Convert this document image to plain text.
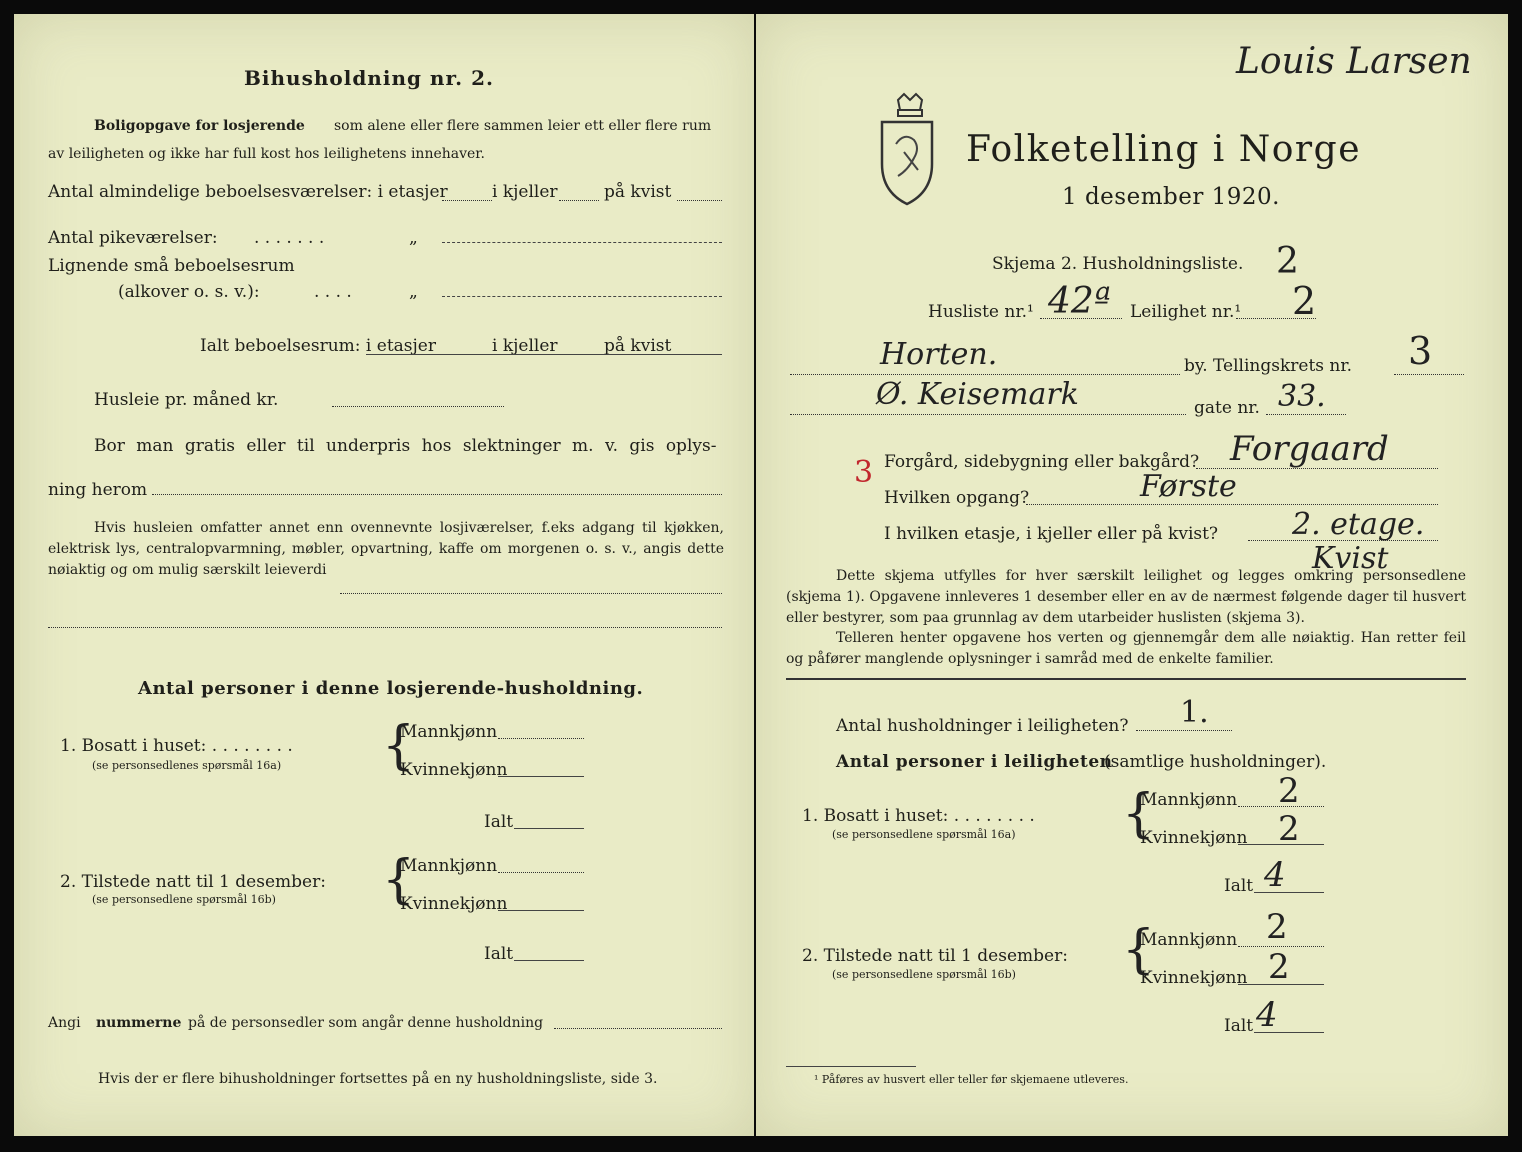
Bihusholdning nr. 2.
Boligopgave for losjerende som alene eller flere sammen leier ett eller flere rum
av leiligheten og ikke har full kost hos leilighetens innehaver.
Antal almindelige beboelsesværelser: i etasjer	i kjeller	på kvist
Antal pikeværelser: . . . . . . .	„
Lignende små beboelsesrum
(alkover o. s. v.):	. . . .	„
Ialt beboelsesrum: i etasjer	i kjeller	på kvist
Husleie pr. måned kr.
Bor man gratis eller til underpris hos slektninger m. v. gis oplys-
ning herom
Hvis husleien omfatter annet enn ovennevnte losjiværelser, f.eks adgang til kjøkken, elektrisk lys, centralopvarmning, møbler, opvartning, kaffe om morgenen o. s. v., angis dette nøiaktig og om mulig særskilt leieverdi
Antal personer i denne losjerende-husholdning.
1. Bosatt i huset: . . . . . . . .
(se personsedlenes spørsmål 16a) {
Mannkjønn
Kvinnekjønn
Ialt
2. Tilstede natt til 1 desember:
(se personsedlene spørsmål 16b) {
Mannkjønn
Kvinnekjønn
Ialt
Angi nummerne på de personsedler som angår denne husholdning
Hvis der er flere bihusholdninger fortsettes på en ny husholdningsliste, side 3.
Folketelling i Norge
1 desember 1920.
Louis Larsen
Skjema 2. Husholdningsliste. 2
Husliste nr.¹ 42ª Leilighet nr.¹ 2
Horten.	by. Tellingskrets nr. 3
Ø. Keisemark	gate nr. 33.
3 Forgård, sidebygning eller bakgård? Forgaard
Hvilken opgang?	Første
I hvilken etasje, i kjeller eller på kvist? 2. etage.
Kvist
Dette skjema utfylles for hver særskilt leilighet og legges omkring personsedlene (skjema 1). Opgavene innleveres 1 desember eller en av de nærmest følgende dager til husvert eller bestyrer, som paa grunnlag av dem utarbeider huslisten (skjema 3).
Telleren henter opgavene hos verten og gjennemgår dem alle nøiaktig. Han retter feil og påfører manglende oplysninger i samråd med de enkelte familier.
Antal husholdninger i leiligheten? 1.
Antal personer i leiligheten
(samtlige husholdninger).
1. Bosatt i huset: . . . . . . . .
(se personsedlene spørsmål 16a) {
Mannkjønn 2
Kvinnekjønn 2
Ialt 4
2. Tilstede natt til 1 desember:
(se personsedlene spørsmål 16b) {
Mannkjønn 2
Kvinnekjønn 2
Ialt 4
¹ Påføres av husvert eller teller før skjemaene utleveres.
